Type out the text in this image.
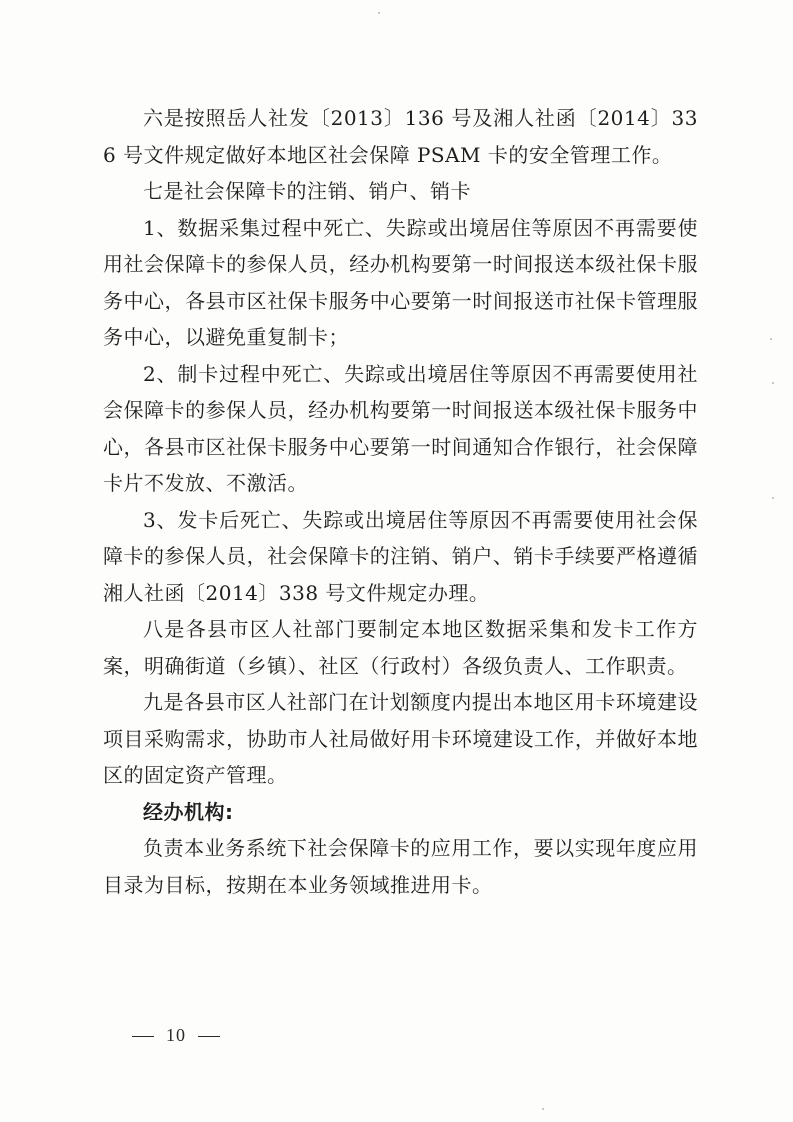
六是按照岳人社发〔2013〕136 号及湘人社函〔2014〕336 号文件规定做好本地区社会保障 PSAM 卡的安全管理工作。

七是社会保障卡的注销、销户、销卡

1、数据采集过程中死亡、失踪或出境居住等原因不再需要使用社会保障卡的参保人员，经办机构要第一时间报送本级社保卡服务中心，各县市区社保卡服务中心要第一时间报送市社保卡管理服务中心，以避免重复制卡；

2、制卡过程中死亡、失踪或出境居住等原因不再需要使用社会保障卡的参保人员，经办机构要第一时间报送本级社保卡服务中心，各县市区社保卡服务中心要第一时间通知合作银行，社会保障卡片不发放、不激活。

3、发卡后死亡、失踪或出境居住等原因不再需要使用社会保障卡的参保人员，社会保障卡的注销、销户、销卡手续要严格遵循湘人社函〔2014〕338 号文件规定办理。

八是各县市区人社部门要制定本地区数据采集和发卡工作方案，明确街道（乡镇）、社区（行政村）各级负责人、工作职责。

九是各县市区人社部门在计划额度内提出本地区用卡环境建设项目采购需求，协助市人社局做好用卡环境建设工作，并做好本地区的固定资产管理。

经办机构:

负责本业务系统下社会保障卡的应用工作，要以实现年度应用目录为目标，按期在本业务领域推进用卡。

10
